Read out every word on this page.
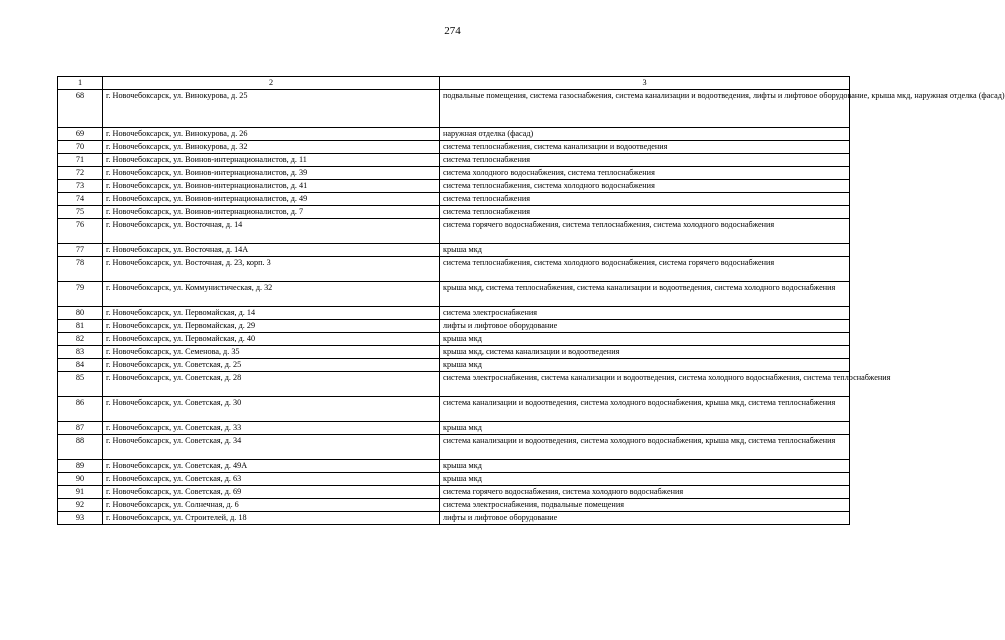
274
1	2	3
68	г. Новочебоксарск, ул. Винокурова, д. 25	подвальные помещения, система газоснабжения, система канализации и водоотведения, лифты и лифтовое оборудование, крыша мкд, наружная отделка (фасад)
69	г. Новочебоксарск, ул. Винокурова, д. 26	наружная отделка (фасад)
70	г. Новочебоксарск, ул. Винокурова, д. 32	система теплоснабжения, система канализации и водоотведения
71	г. Новочебоксарск, ул. Воинов-интернационалистов, д. 11	система теплоснабжения
72	г. Новочебоксарск, ул. Воинов-интернационалистов, д. 39	система холодного водоснабжения, система теплоснабжения
73	г. Новочебоксарск, ул. Воинов-интернационалистов, д. 41	система теплоснабжения, система холодного водоснабжения
74	г. Новочебоксарск, ул. Воинов-интернационалистов, д. 49	система теплоснабжения
75	г. Новочебоксарск, ул. Воинов-интернационалистов, д. 7	система теплоснабжения
76	г. Новочебоксарск, ул. Восточная, д. 14	система горячего водоснабжения, система теплоснабжения, система холодного водоснабжения
77	г. Новочебоксарск, ул. Восточная, д. 14А	крыша мкд
78	г. Новочебоксарск, ул. Восточная, д. 23, корп. 3	система теплоснабжения, система холодного водоснабжения, система горячего водоснабжения
79	г. Новочебоксарск, ул. Коммунистическая, д. 32	крыша мкд, система теплоснабжения, система канализации и водоотведения, система холодного водоснабжения
80	г. Новочебоксарск, ул. Первомайская, д. 14	система электроснабжения
81	г. Новочебоксарск, ул. Первомайская, д. 29	лифты и лифтовое оборудование
82	г. Новочебоксарск, ул. Первомайская, д. 40	крыша мкд
83	г. Новочебоксарск, ул. Семенова, д. 35	крыша мкд, система канализации и водоотведения
84	г. Новочебоксарск, ул. Советская, д. 25	крыша мкд
85	г. Новочебоксарск, ул. Советская, д. 28	система электроснабжения, система канализации и водоотведения, система холодного водоснабжения, система теплоснабжения
86	г. Новочебоксарск, ул. Советская, д. 30	система канализации и водоотведения, система холодного водоснабжения, крыша мкд, система теплоснабжения
87	г. Новочебоксарск, ул. Советская, д. 33	крыша мкд
88	г. Новочебоксарск, ул. Советская, д. 34	система канализации и водоотведения, система холодного водоснабжения, крыша мкд, система теплоснабжения
89	г. Новочебоксарск, ул. Советская, д. 49А	крыша мкд
90	г. Новочебоксарск, ул. Советская, д. 63	крыша мкд
91	г. Новочебоксарск, ул. Советская, д. 69	система горячего водоснабжения, система холодного водоснабжения
92	г. Новочебоксарск, ул. Солнечная, д. 6	система электроснабжения, подвальные помещения
93	г. Новочебоксарск, ул. Строителей, д. 18	лифты и лифтовое оборудование
